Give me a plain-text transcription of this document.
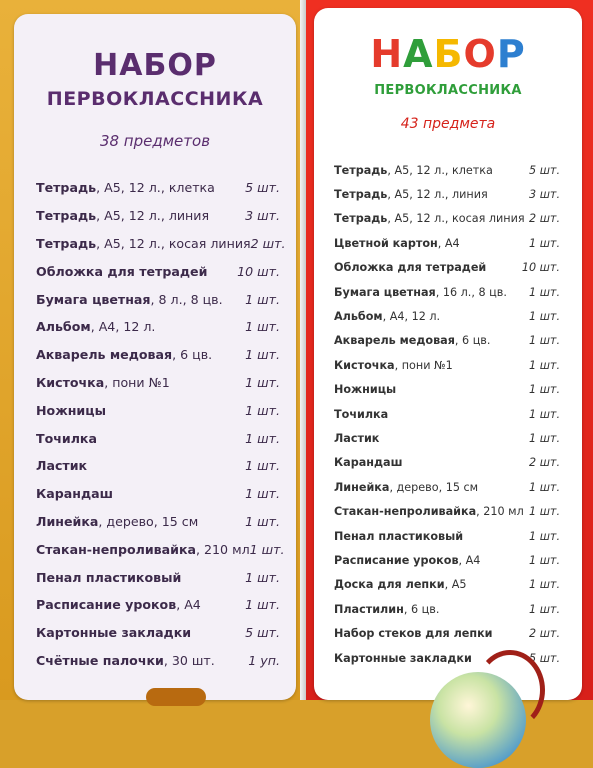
НАБОР
ПЕРВОКЛАССНИКА
38 предметов
Тетрадь, А5, 12 л., клетка	5 шт.
Тетрадь, А5, 12 л., линия	3 шт.
Тетрадь, А5, 12 л., косая линия 2 шт.
Обложка для тетрадей	10 шт.
Бумага цветная, 8 л., 8 цв.	1 шт.
Альбом, А4, 12 л.	1 шт.
Акварель медовая, 6 цв.	1 шт.
Кисточка, пони №1	1 шт.
Ножницы	1 шт.
Точилка	1 шт.
Ластик	1 шт.
Карандаш	1 шт.
Линейка, дерево, 15 см	1 шт.
Стакан-непроливайка, 210 мл 1 шт.
Пенал пластиковый	1 шт.
Расписание уроков, А4	1 шт.
Картонные закладки	5 шт.
Счётные палочки, 30 шт.	1 уп.
НАБОР
ПЕРВОКЛАССНИКА
43 предмета
Тетрадь, А5, 12 л., клетка	5 шт.
Тетрадь, А5, 12 л., линия	3 шт.
Тетрадь, А5, 12 л., косая линия 2 шт.
Цветной картон, А4	1 шт.
Обложка для тетрадей	10 шт.
Бумага цветная, 16 л., 8 цв.	1 шт.
Альбом, А4, 12 л.	1 шт.
Акварель медовая, 6 цв.	1 шт.
Кисточка, пони №1	1 шт.
Ножницы	1 шт.
Точилка	1 шт.
Ластик	1 шт.
Карандаш	2 шт.
Линейка, дерево, 15 см	1 шт.
Стакан-непроливайка, 210 мл 1 шт.
Пенал пластиковый	1 шт.
Расписание уроков, А4	1 шт.
Доска для лепки, А5	1 шт.
Пластилин, 6 цв.	1 шт.
Набор стеков для лепки	2 шт.
Картонные закладки	5 шт.
